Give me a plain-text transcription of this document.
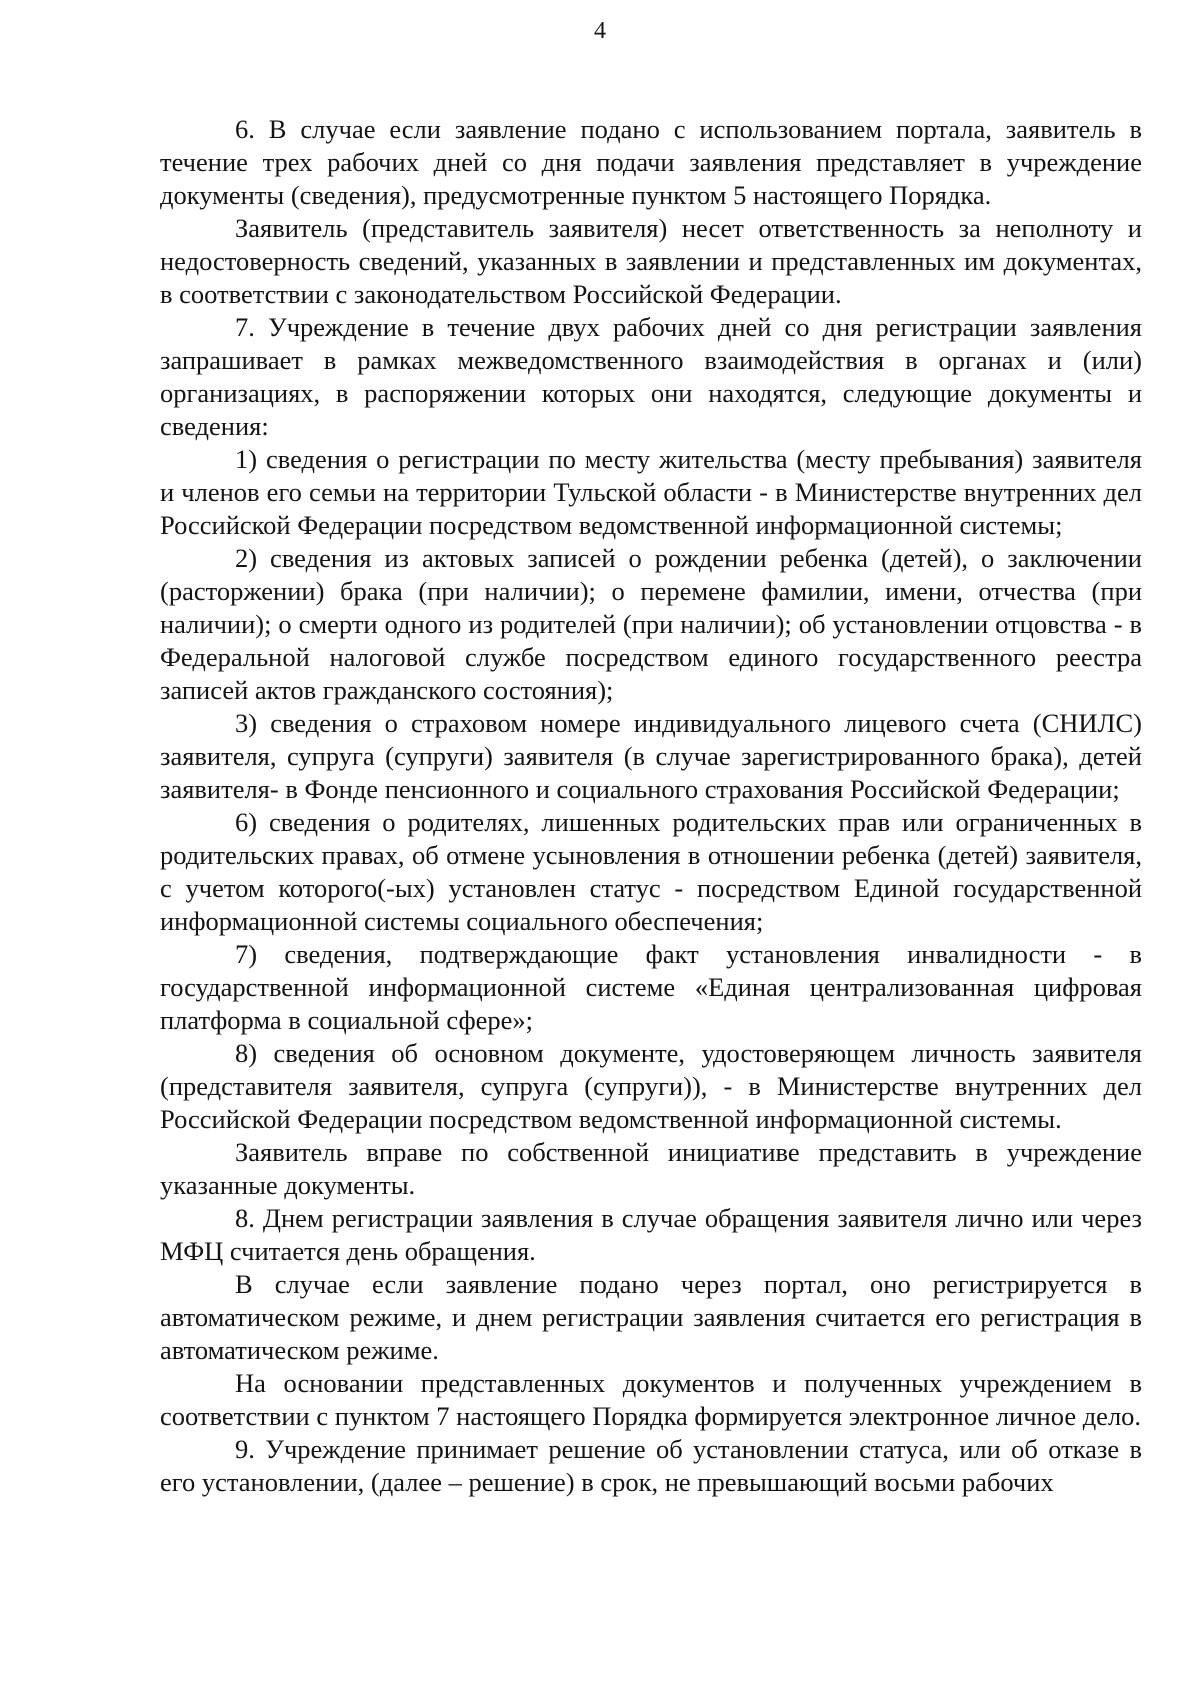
4

6. В случае если заявление подано с использованием портала, заявитель в течение трех рабочих дней со дня подачи заявления представляет в учреждение документы (сведения), предусмотренные пунктом 5 настоящего Порядка.

Заявитель (представитель заявителя) несет ответственность за неполноту и недостоверность сведений, указанных в заявлении и представленных им документах, в соответствии с законодательством Российской Федерации.

7. Учреждение в течение двух рабочих дней со дня регистрации заявления запрашивает в рамках межведомственного взаимодействия в органах и (или) организациях, в распоряжении которых они находятся, следующие документы и сведения:

1) сведения о регистрации по месту жительства (месту пребывания) заявителя и членов его семьи на территории Тульской области - в Министерстве внутренних дел Российской Федерации посредством ведомственной информационной системы;

2) сведения из актовых записей о рождении ребенка (детей), о заключении (расторжении) брака (при наличии); о перемене фамилии, имени, отчества (при наличии); о смерти одного из родителей (при наличии); об установлении отцовства - в Федеральной налоговой службе посредством единого государственного реестра записей актов гражданского состояния);

3) сведения о страховом номере индивидуального лицевого счета (СНИЛС) заявителя, супруга (супруги) заявителя (в случае зарегистрированного брака), детей заявителя- в Фонде пенсионного и социального страхования Российской Федерации;

6) сведения о родителях, лишенных родительских прав или ограниченных в родительских правах, об отмене усыновления в отношении ребенка (детей) заявителя, с учетом которого(-ых) установлен статус - посредством Единой государственной информационной системы социального обеспечения;

7) сведения, подтверждающие факт установления инвалидности - в государственной информационной системе «Единая централизованная цифровая платформа в социальной сфере»;

8) сведения об основном документе, удостоверяющем личность заявителя (представителя заявителя, супруга (супруги)), - в Министерстве внутренних дел Российской Федерации посредством ведомственной информационной системы.

Заявитель вправе по собственной инициативе представить в учреждение указанные документы.

8. Днем регистрации заявления в случае обращения заявителя лично или через МФЦ считается день обращения.

В случае если заявление подано через портал, оно регистрируется в автоматическом режиме, и днем регистрации заявления считается его регистрация в автоматическом режиме.

На основании представленных документов и полученных учреждением в соответствии с пунктом 7 настоящего Порядка формируется электронное личное дело.

9. Учреждение принимает решение об установлении статуса, или об отказе в его установлении, (далее – решение) в срок, не превышающий восьми рабочих
